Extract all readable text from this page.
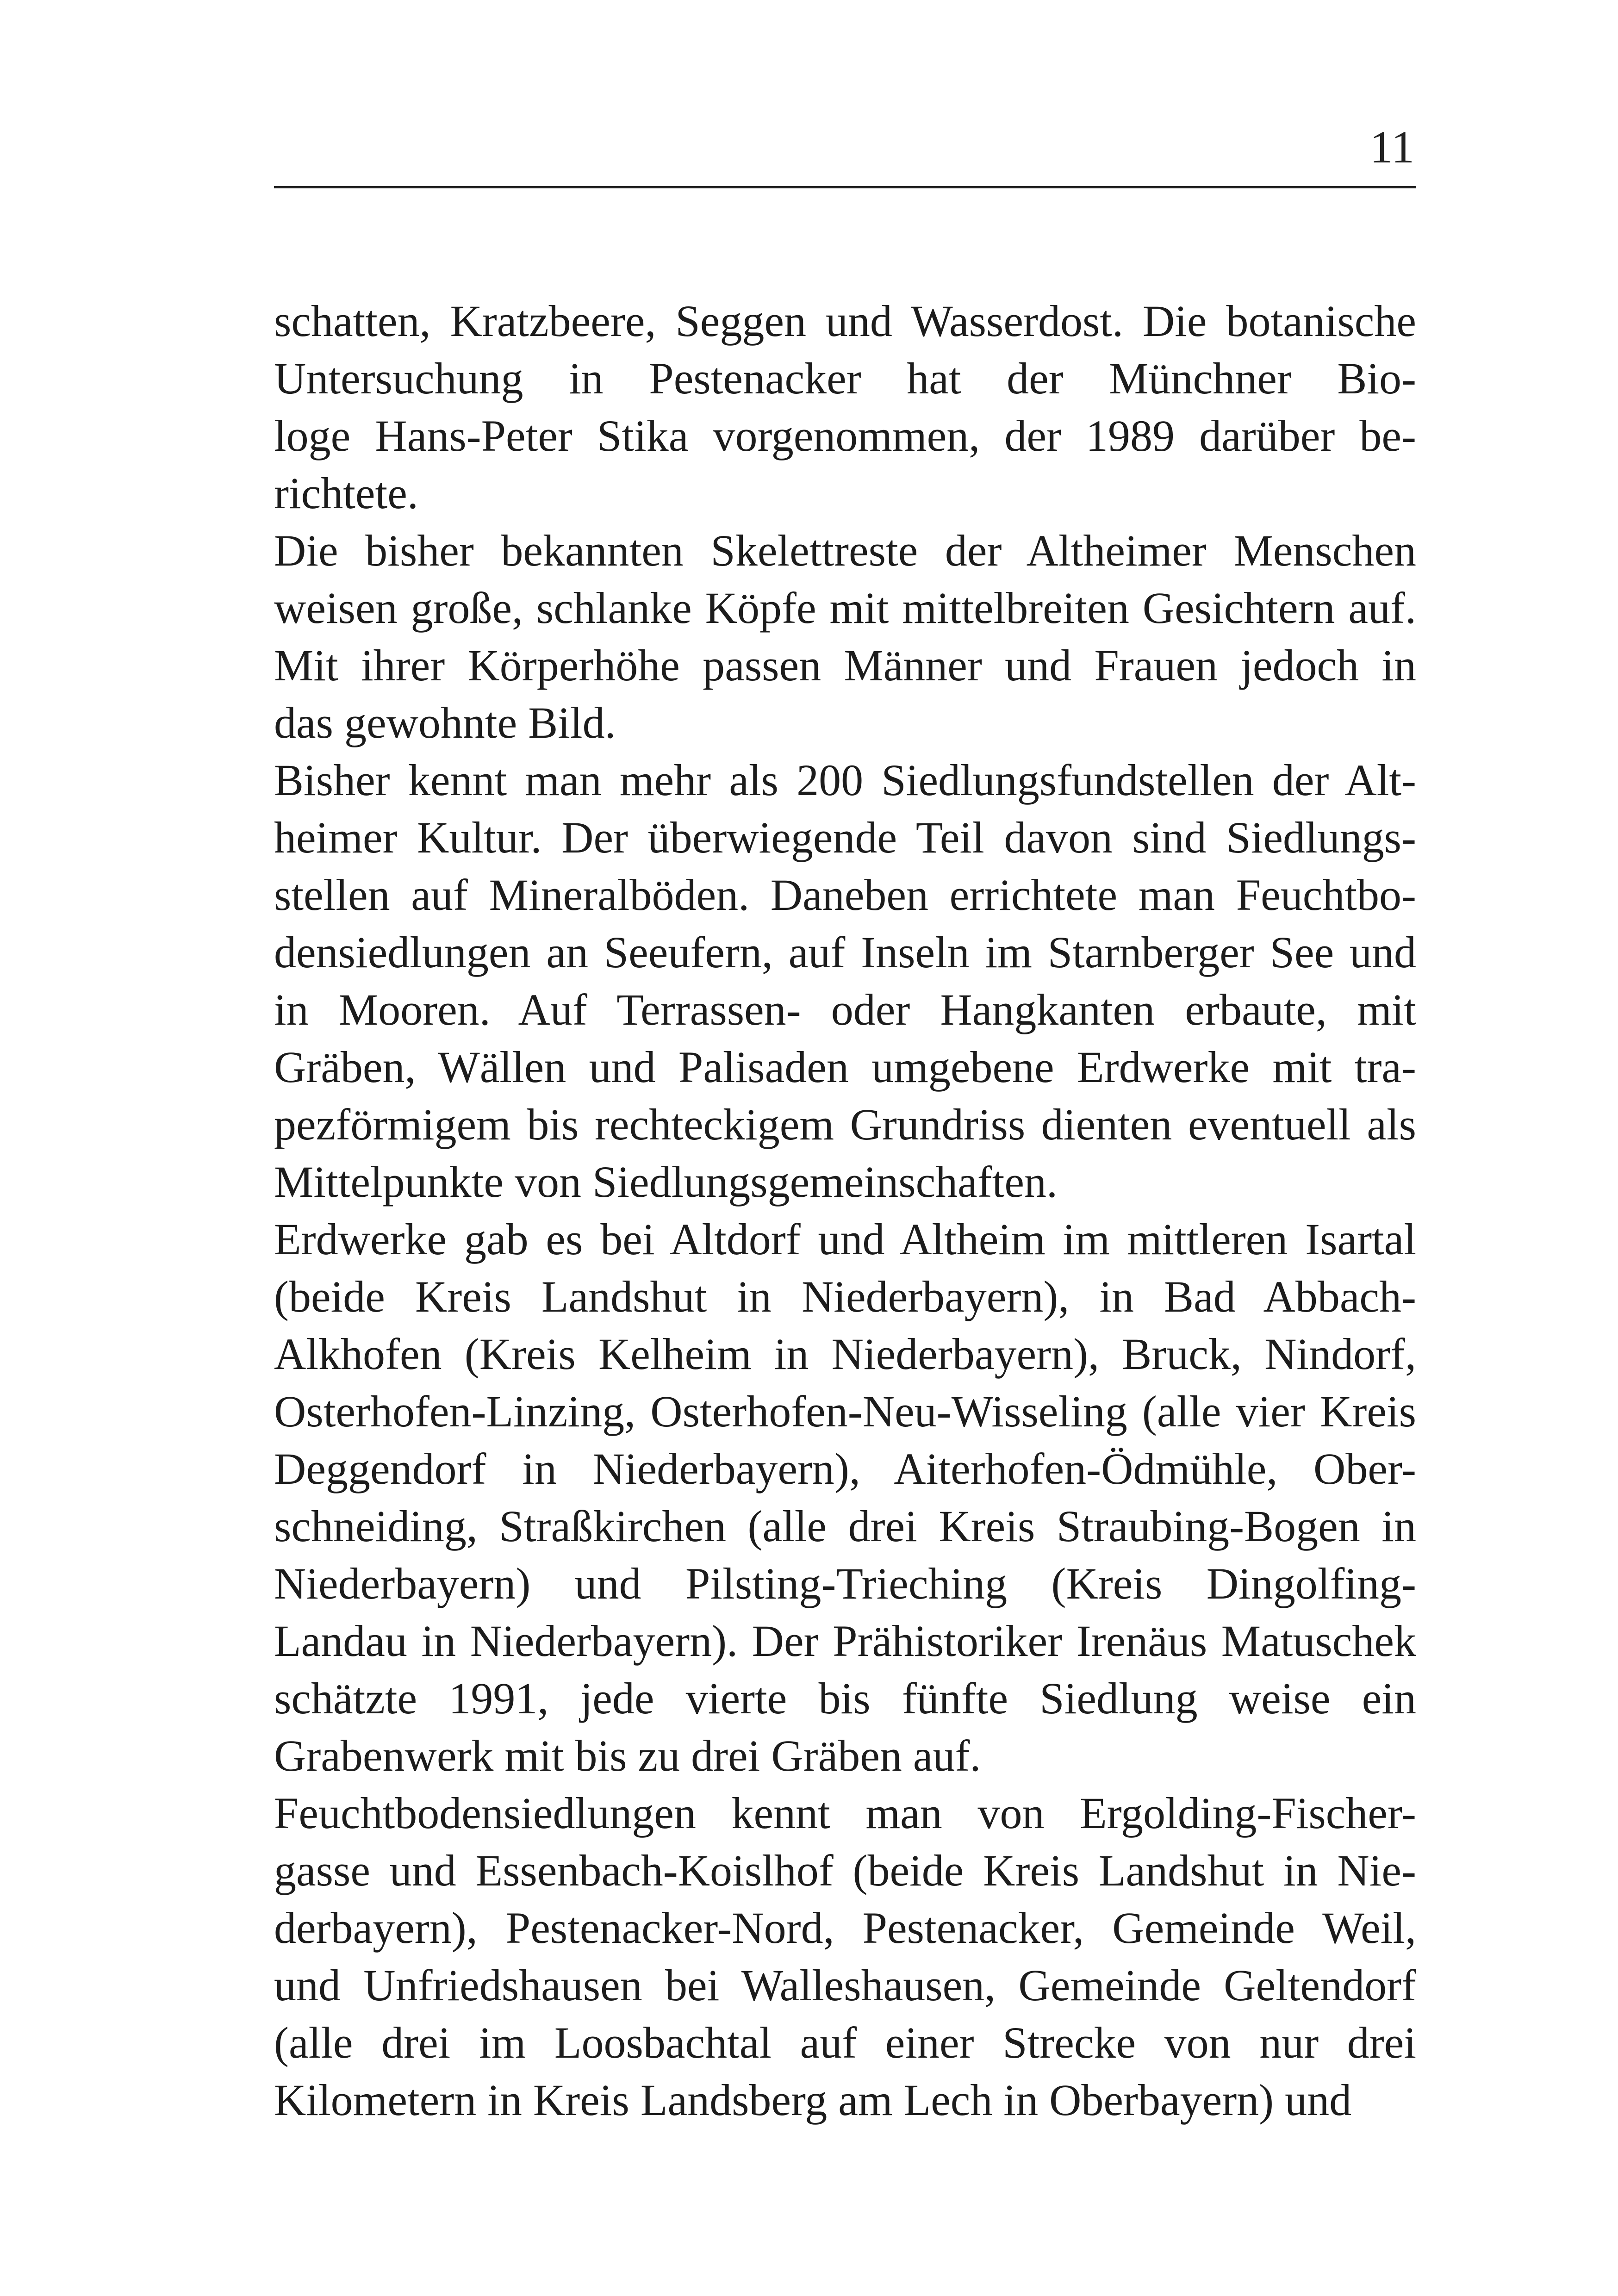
11
schatten, Kratzbeere, Seggen und Wasserdost. Die botanische
Untersuchung in Pestenacker hat der Münchner Bio-
loge Hans-Peter Stika vorgenommen, der 1989 darüber be-
richtete.
Die bisher bekannten Skelettreste der Altheimer Menschen
weisen große, schlanke Köpfe mit mittelbreiten Gesichtern auf.
Mit ihrer Körperhöhe passen Männer und Frauen jedoch in
das gewohnte Bild.
Bisher kennt man mehr als 200 Siedlungsfundstellen der Alt-
heimer Kultur. Der überwiegende Teil davon sind Siedlungs-
stellen auf Mineralböden. Daneben errichtete man Feuchtbo-
densiedlungen an Seeufern, auf Inseln im Starnberger See und
in Mooren. Auf Terrassen- oder Hangkanten erbaute, mit
Gräben, Wällen und Palisaden umgebene Erdwerke mit tra-
pezförmigem bis rechteckigem Grundriss dienten eventuell als
Mittelpunkte von Siedlungsgemeinschaften.
Erdwerke gab es bei Altdorf und Altheim im mittleren Isartal
(beide Kreis Landshut in Niederbayern), in Bad Abbach-
Alkhofen (Kreis Kelheim in Niederbayern), Bruck, Nindorf,
Osterhofen-Linzing, Osterhofen-Neu-Wisseling (alle vier Kreis
Deggendorf in Niederbayern), Aiterhofen-Ödmühle, Ober-
schneiding, Straßkirchen (alle drei Kreis Straubing-Bogen in
Niederbayern) und Pilsting-Trieching (Kreis Dingolfing-
Landau in Niederbayern). Der Prähistoriker Irenäus Matuschek
schätzte 1991, jede vierte bis fünfte Siedlung weise ein
Grabenwerk mit bis zu drei Gräben auf.
Feuchtbodensiedlungen kennt man von Ergolding-Fischer-
gasse und Essenbach-Koislhof (beide Kreis Landshut in Nie-
derbayern), Pestenacker-Nord, Pestenacker, Gemeinde Weil,
und Unfriedshausen bei Walleshausen, Gemeinde Geltendorf
(alle drei im Loosbachtal auf einer Strecke von nur drei
Kilometern in Kreis Landsberg am Lech in Oberbayern) und
